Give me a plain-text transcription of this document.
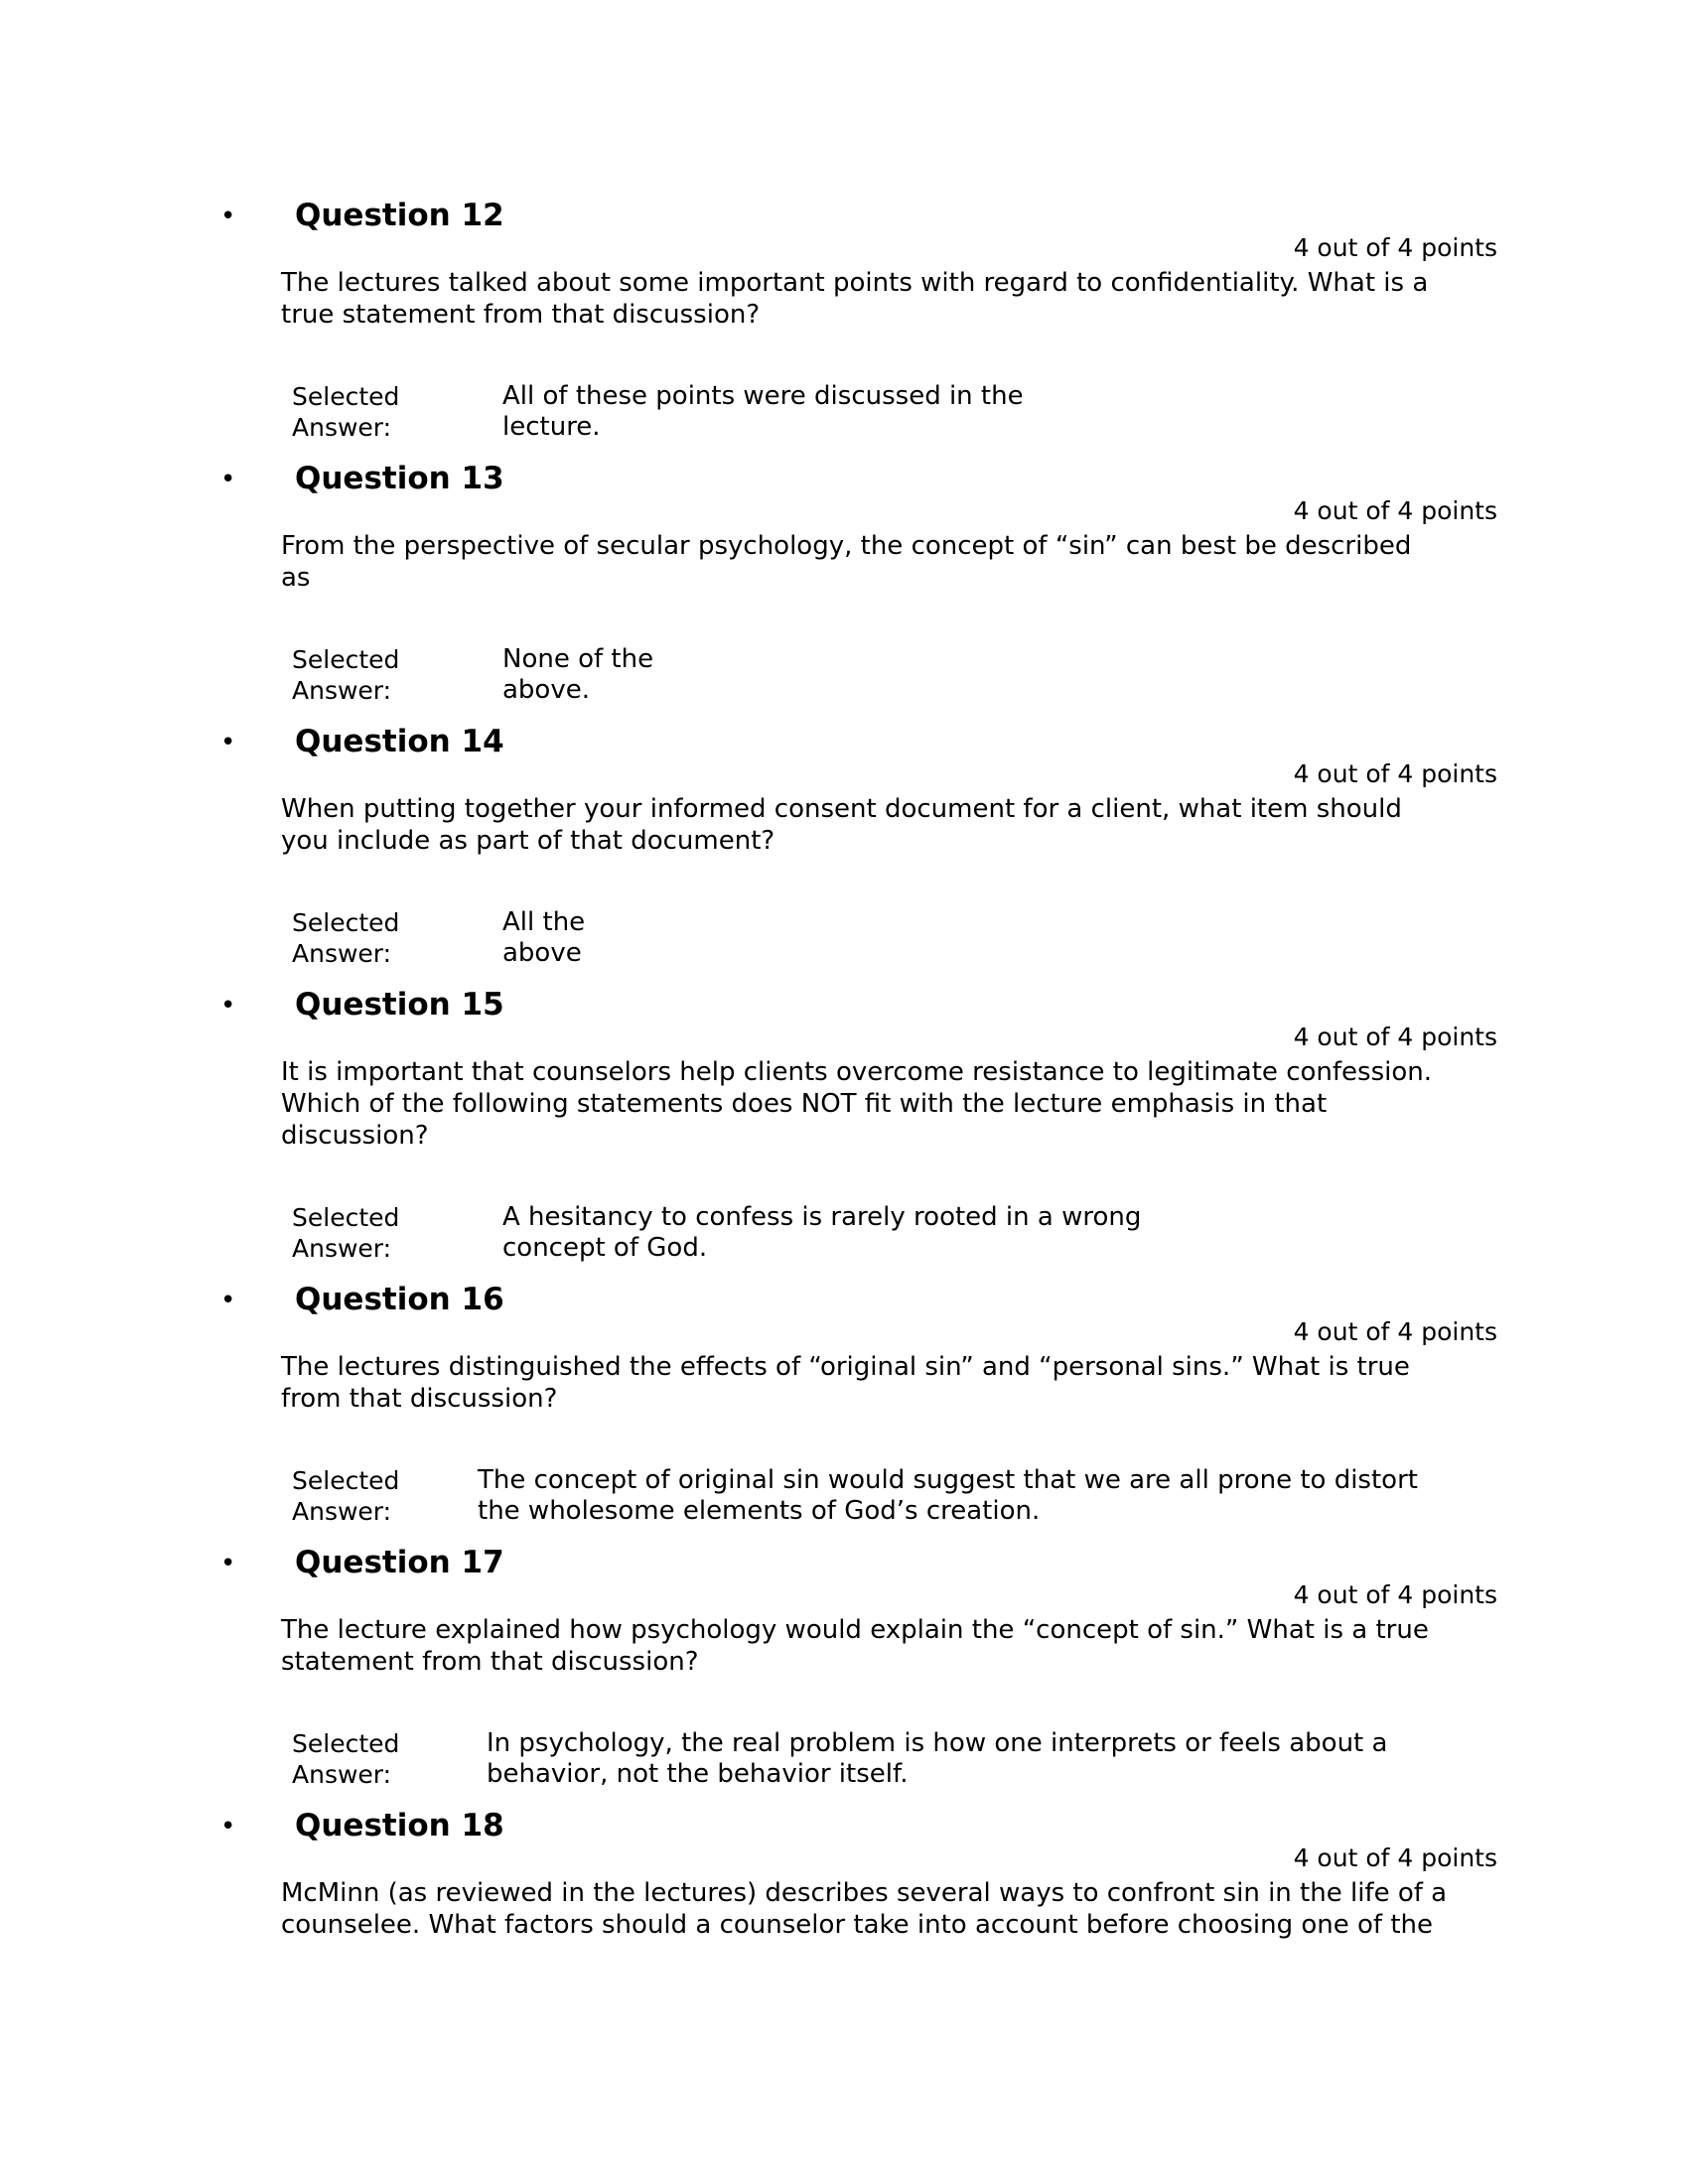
• Question 12
4 out of 4 points
The lectures talked about some important points with regard to confidentiality. What is a
true statement from that discussion?
Selected
Answer:
All of these points were discussed in the
lecture.
• Question 13
4 out of 4 points
From the perspective of secular psychology, the concept of “sin” can best be described
as
Selected
Answer:
None of the
above.
• Question 14
4 out of 4 points
When putting together your informed consent document for a client, what item should
you include as part of that document?
Selected
Answer:
All the
above
• Question 15
4 out of 4 points
It is important that counselors help clients overcome resistance to legitimate confession.
Which of the following statements does NOT fit with the lecture emphasis in that
discussion?
Selected
Answer:
A hesitancy to confess is rarely rooted in a wrong
concept of God.
• Question 16
4 out of 4 points
The lectures distinguished the effects of “original sin” and “personal sins.” What is true
from that discussion?
Selected
Answer:
The concept of original sin would suggest that we are all prone to distort
the wholesome elements of God’s creation.
• Question 17
4 out of 4 points
The lecture explained how psychology would explain the “concept of sin.” What is a true
statement from that discussion?
Selected
Answer:
In psychology, the real problem is how one interprets or feels about a
behavior, not the behavior itself.
• Question 18
4 out of 4 points
McMinn (as reviewed in the lectures) describes several ways to confront sin in the life of a
counselee. What factors should a counselor take into account before choosing one of the
